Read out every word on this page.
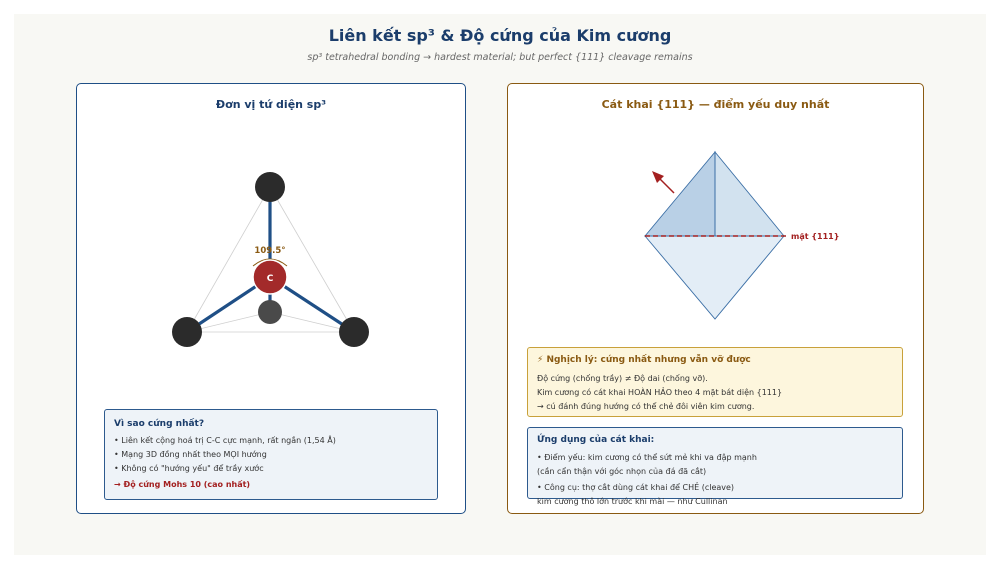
Liên kết sp³ & Độ cứng của Kim cương
sp³ tetrahedral bonding → hardest material; but perfect {111} cleavage remains
Đơn vị tứ diện sp³	Cát khai {111} — điểm yếu duy nhất
109.5°
C
mặt {111}
Vì sao cứng nhất?
• Liên kết cộng hoá trị C-C cực mạnh, rất ngắn (1,54 Å)
• Mạng 3D đồng nhất theo MỌI hướng
• Không có "hướng yếu" để trầy xước
→ Độ cứng Mohs 10 (cao nhất)
⚡ Nghịch lý: cứng nhất nhưng vẫn vỡ được
Độ cứng (chống trầy) ≠ Độ dai (chống vỡ).
Kim cương có cát khai HOÀN HẢO theo 4 mặt bát diện {111}
→ cú đánh đúng hướng có thể chẻ đôi viên kim cương.
Ứng dụng của cát khai:
• Điểm yếu: kim cương có thể sứt mẻ khi va đập mạnh
(cần cẩn thận với góc nhọn của đá đã cắt)
• Công cụ: thợ cắt dùng cát khai để CHẺ (cleave)
kim cương thô lớn trước khi mài — như Cullinan
